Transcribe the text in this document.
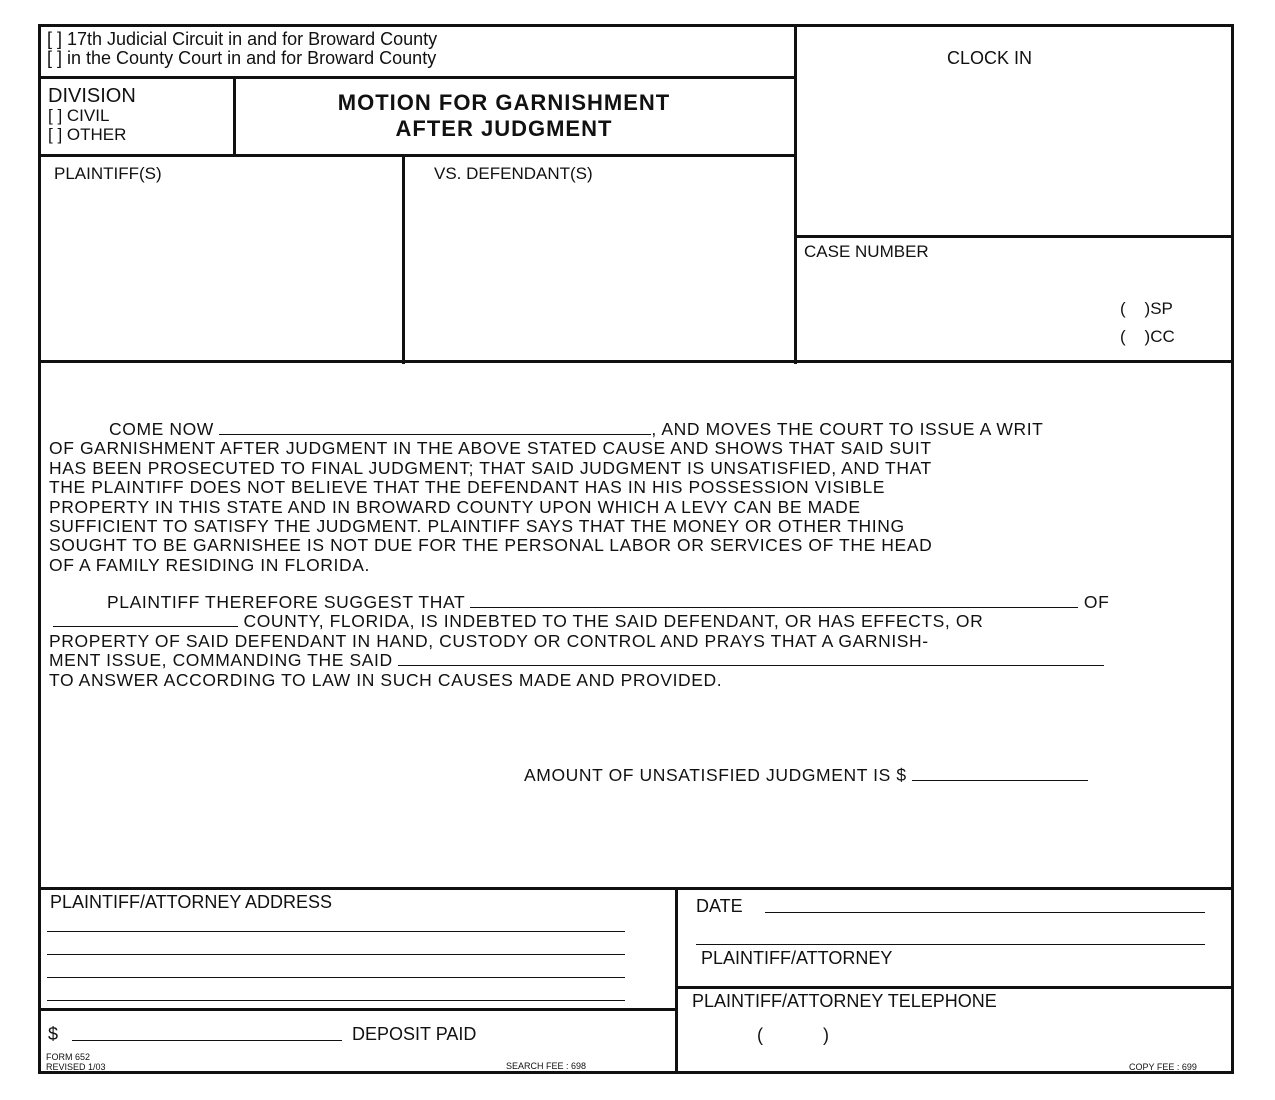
[ ] 17th Judicial Circuit in and for Broward County
[ ] in the County Court in and for Broward County	CLOCK IN
DIVISION
[ ] CIVIL
[ ] OTHER
MOTION FOR GARNISHMENT
AFTER JUDGMENT
PLAINTIFF(S)	VS. DEFENDANT(S)
CASE NUMBER
(    )SP
(    )CC
COME NOW	, AND MOVES THE COURT TO ISSUE A WRIT
OF GARNISHMENT AFTER JUDGMENT IN THE ABOVE STATED CAUSE AND SHOWS THAT SAID SUIT
HAS BEEN PROSECUTED TO FINAL JUDGMENT; THAT SAID JUDGMENT IS UNSATISFIED, AND THAT
THE PLAINTIFF DOES NOT BELIEVE THAT THE DEFENDANT HAS IN HIS POSSESSION VISIBLE
PROPERTY IN THIS STATE AND IN BROWARD COUNTY UPON WHICH A LEVY CAN BE MADE
SUFFICIENT TO SATISFY THE JUDGMENT. PLAINTIFF SAYS THAT THE MONEY OR OTHER THING
SOUGHT TO BE GARNISHEE IS NOT DUE FOR THE PERSONAL LABOR OR SERVICES OF THE HEAD
OF A FAMILY RESIDING IN FLORIDA.
PLAINTIFF THEREFORE SUGGEST THAT	OF
COUNTY, FLORIDA, IS INDEBTED TO THE SAID DEFENDANT, OR HAS EFFECTS, OR
PROPERTY OF SAID DEFENDANT IN HAND, CUSTODY OR CONTROL AND PRAYS THAT A GARNISH-
MENT ISSUE, COMMANDING THE SAID
TO ANSWER ACCORDING TO LAW IN SUCH CAUSES MADE AND PROVIDED.
AMOUNT OF UNSATISFIED JUDGMENT IS $
PLAINTIFF/ATTORNEY ADDRESS
$	DEPOSIT PAID
FORM 652
REVISED 1/03	SEARCH FEE : 698
DATE
PLAINTIFF/ATTORNEY
PLAINTIFF/ATTORNEY TELEPHONE
(            )
COPY FEE : 699
